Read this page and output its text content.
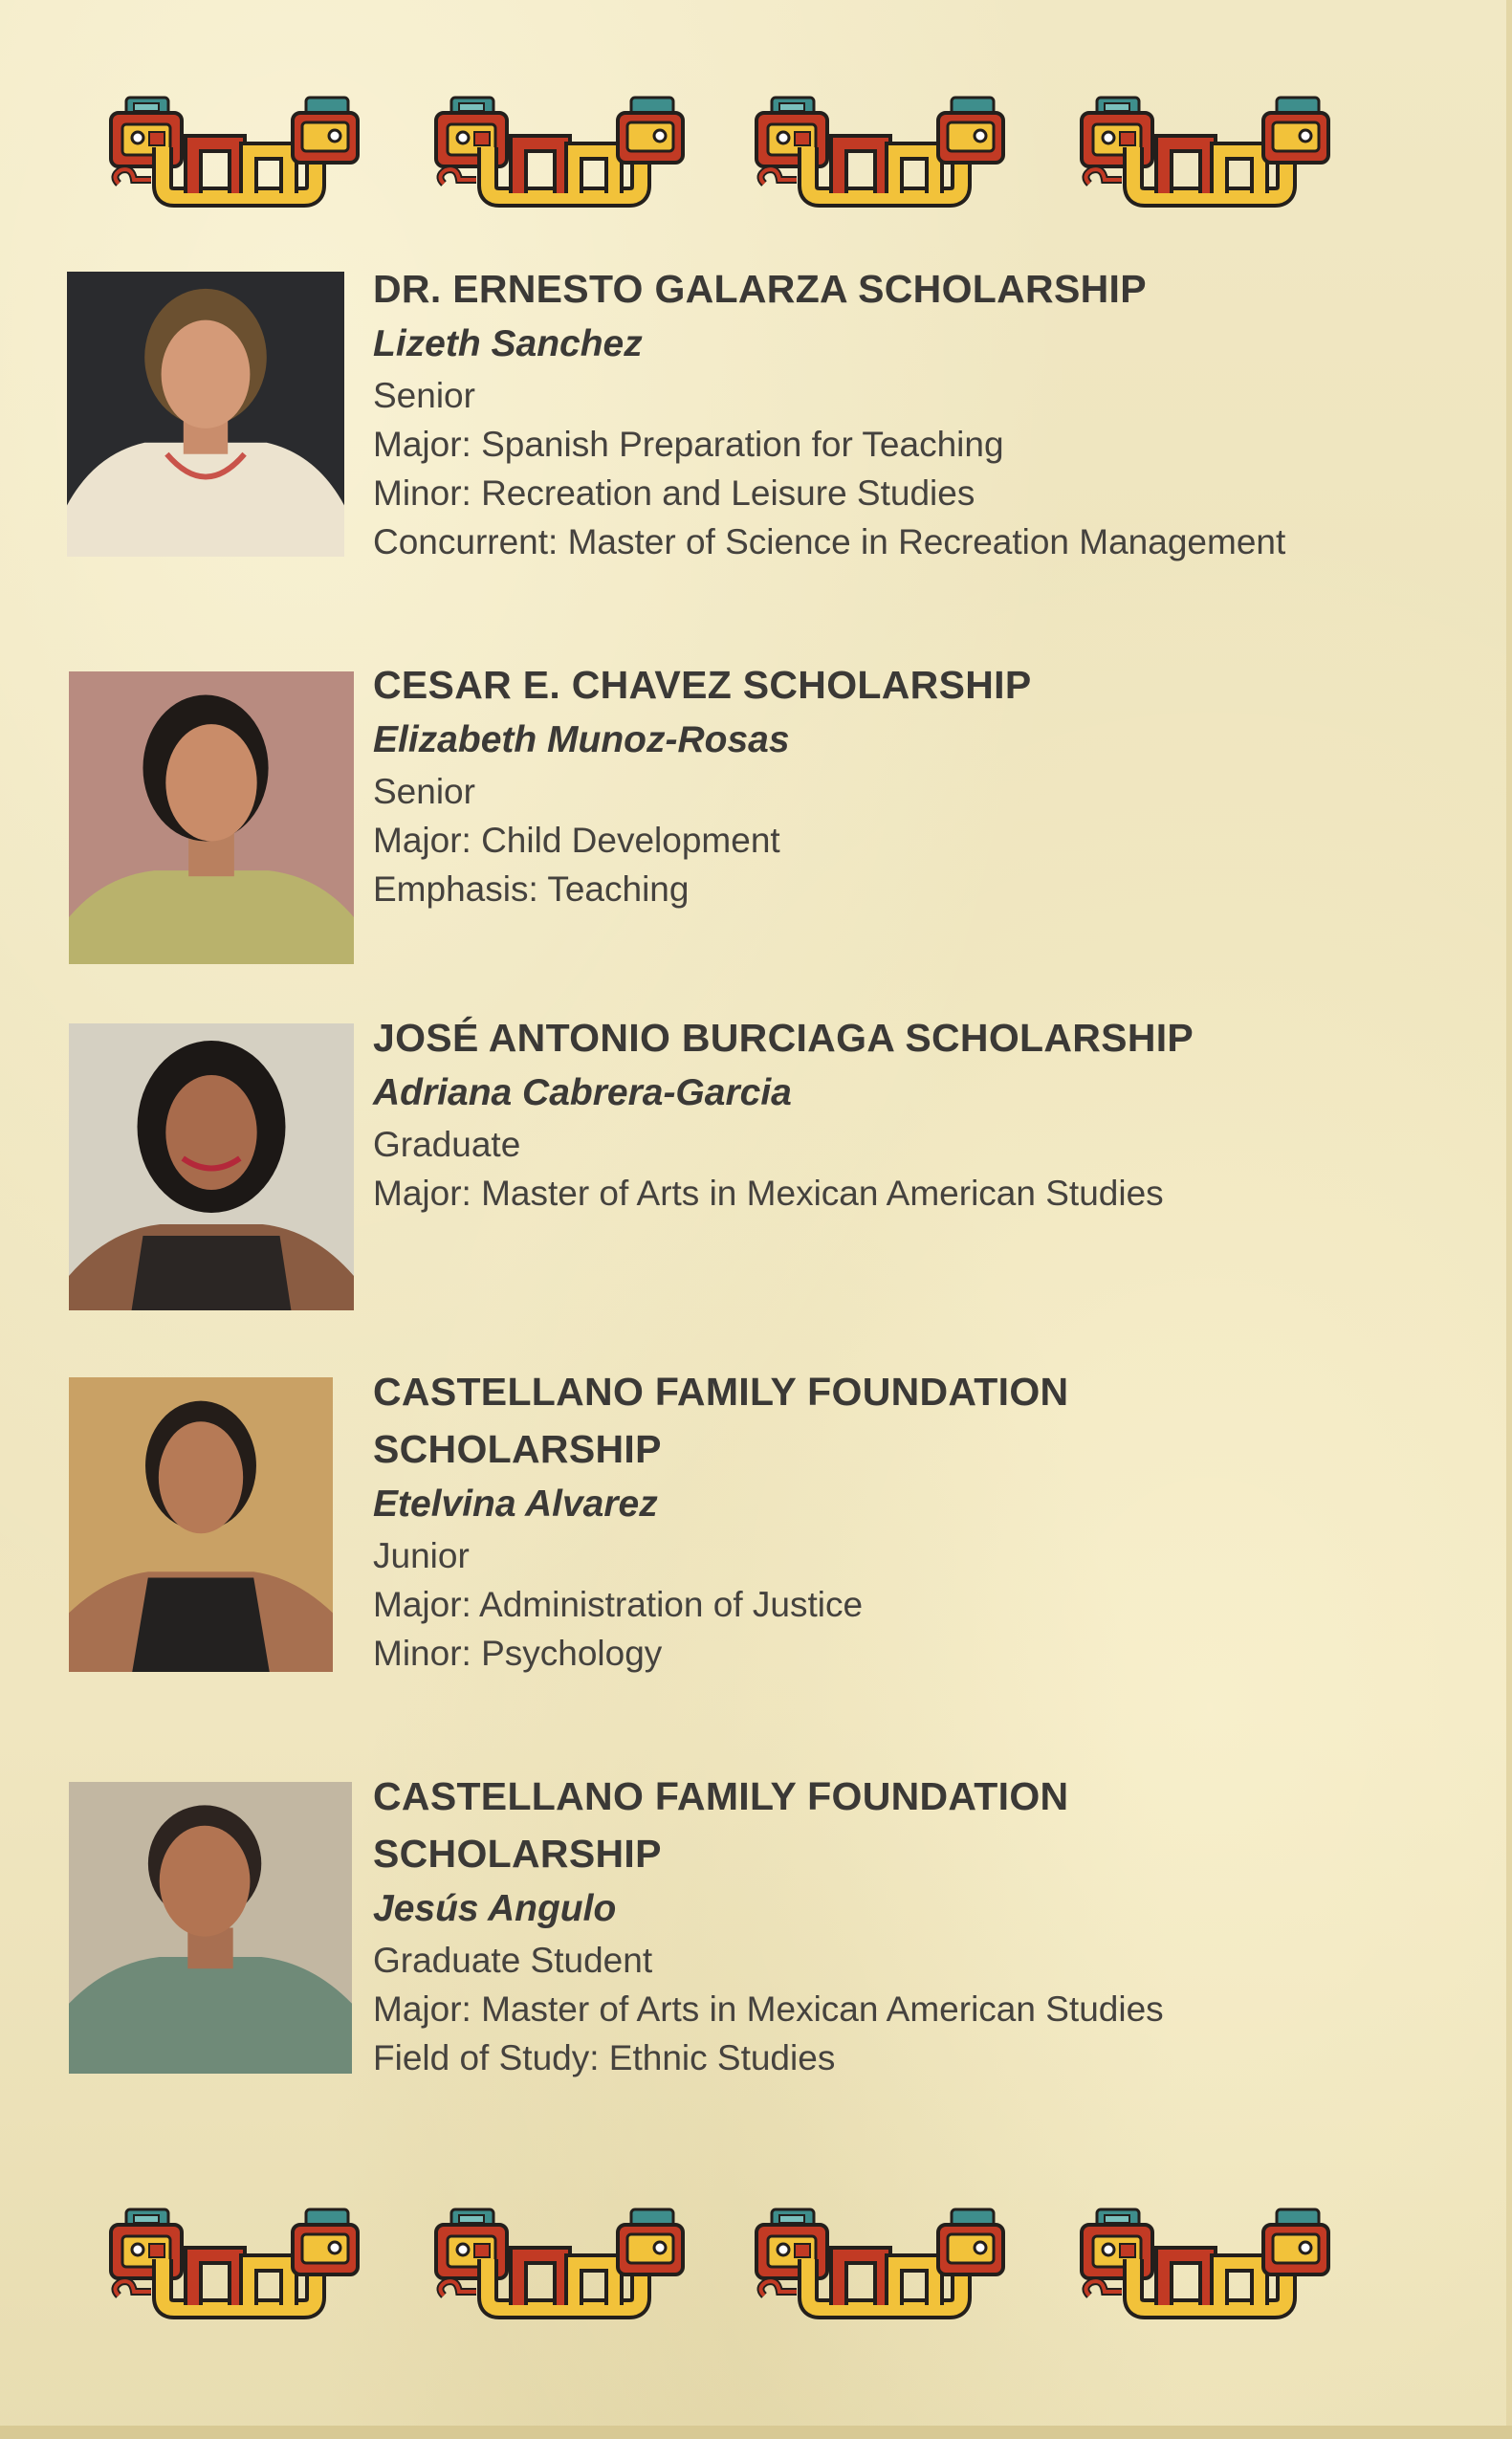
DR. ERNESTO GALARZA SCHOLARSHIP

Lizeth Sanchez

Senior

Major: Spanish Preparation for Teaching

Minor: Recreation and Leisure Studies

Concurrent: Master of Science in Recreation Management

CESAR E. CHAVEZ SCHOLARSHIP

Elizabeth Munoz-Rosas

Senior

Major: Child Development

Emphasis: Teaching

JOSÉ ANTONIO BURCIAGA SCHOLARSHIP

Adriana Cabrera-Garcia

Graduate

Major: Master of Arts in Mexican American Studies

CASTELLANO FAMILY FOUNDATION

SCHOLARSHIP

Etelvina Alvarez

Junior

Major: Administration of Justice

Minor: Psychology

CASTELLANO FAMILY FOUNDATION

SCHOLARSHIP

Jesús Angulo

Graduate Student

Major: Master of Arts in Mexican American Studies

Field of Study: Ethnic Studies
